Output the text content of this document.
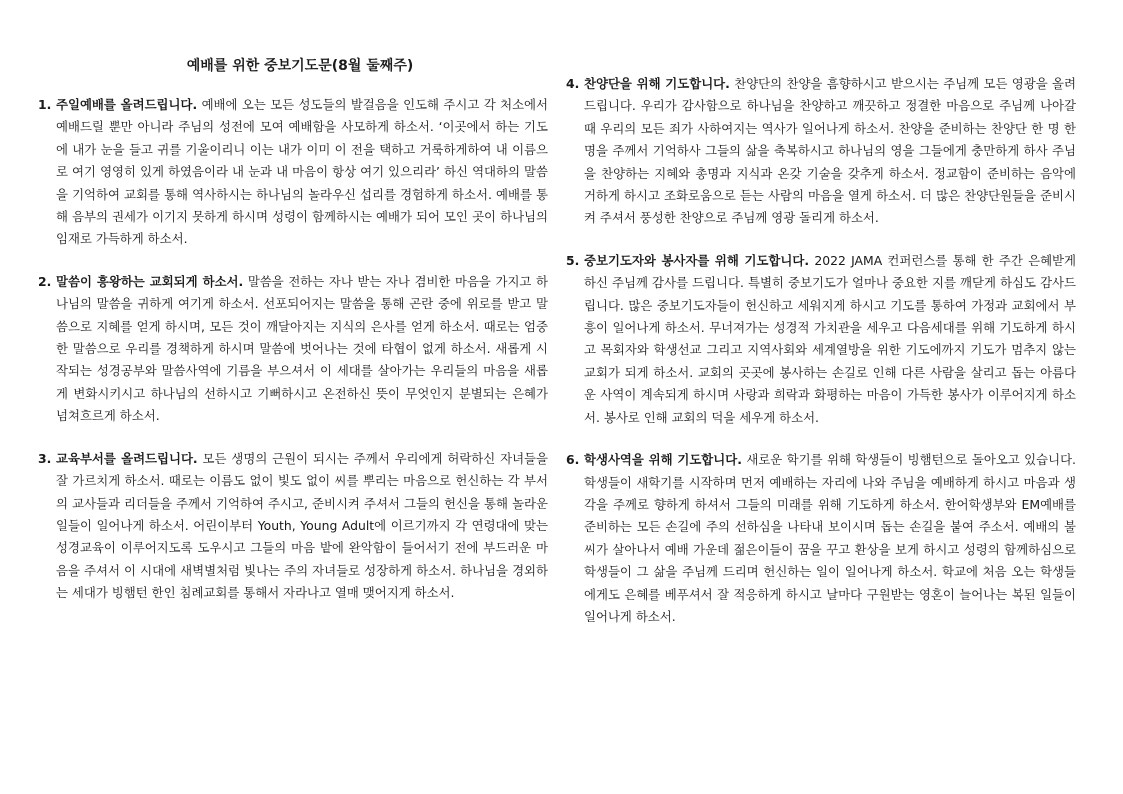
예배를 위한 중보기도문(8월 둘째주)
1. 주일예배를 올려드립니다. 예배에 오는 모든 성도들의 발걸음을 인도해 주시고 각 처소에서 예배드릴 뿐만 아니라 주님의 성전에 모여 예배함을 사모하게 하소서. ‘이곳에서 하는 기도에 내가 눈을 들고 귀를 기울이리니 이는 내가 이미 이 전을 택하고 거룩하게하여 내 이름으로 여기 영영히 있게 하였음이라 내 눈과 내 마음이 항상 여기 있으리라’ 하신 역대하의 말씀을 기억하여 교회를 통해 역사하시는 하나님의 놀라우신 섭리를 경험하게 하소서. 예배를 통해 음부의 권세가 이기지 못하게 하시며 성령이 함께하시는 예배가 되어 모인 곳이 하나님의 임재로 가득하게 하소서.
2. 말씀이 흥왕하는 교회되게 하소서. 말씀을 전하는 자나 받는 자나 겸비한 마음을 가지고 하나님의 말씀을 귀하게 여기게 하소서. 선포되어지는 말씀을 통해 곤란 중에 위로를 받고 말씀으로 지혜를 얻게 하시며, 모든 것이 깨달아지는 지식의 은사를 얻게 하소서. 때로는 엄중한 말씀으로 우리를 경책하게 하시며 말씀에 벗어나는 것에 타협이 없게 하소서. 새롭게 시작되는 성경공부와 말씀사역에 기름을 부으셔서 이 세대를 살아가는 우리들의 마음을 새롭게 변화시키시고 하나님의 선하시고 기뻐하시고 온전하신 뜻이 무엇인지 분별되는 은혜가 넘쳐흐르게 하소서.
3. 교육부서를 올려드립니다. 모든 생명의 근원이 되시는 주께서 우리에게 허락하신 자녀들을 잘 가르치게 하소서. 때로는 이름도 없이 빛도 없이 씨를 뿌리는 마음으로 헌신하는 각 부서의 교사들과 리더들을 주께서 기억하여 주시고, 준비시켜 주셔서 그들의 헌신을 통해 놀라운 일들이 일어나게 하소서. 어린이부터 Youth, Young Adult에 이르기까지 각 연령대에 맞는 성경교육이 이루어지도록 도우시고 그들의 마음 밭에 완악함이 들어서기 전에 부드러운 마음을 주셔서 이 시대에 새벽별처럼 빛나는 주의 자녀들로 성장하게 하소서. 하나님을 경외하는 세대가 빙햄턴 한인 침례교회를 통해서 자라나고 열매 맺어지게 하소서.
4. 찬양단을 위해 기도합니다. 찬양단의 찬양을 흠향하시고 받으시는 주님께 모든 영광을 올려 드립니다. 우리가 감사함으로 하나님을 찬양하고 깨끗하고 정결한 마음으로 주님께 나아갈 때 우리의 모든 죄가 사하여지는 역사가 일어나게 하소서. 찬양을 준비하는 찬양단 한 명 한 명을 주께서 기억하사 그들의 삶을 축복하시고 하나님의 영을 그들에게 충만하게 하사 주님을 찬양하는 지혜와 총명과 지식과 온갖 기술을 갖추게 하소서. 정교함이 준비하는 음악에 거하게 하시고 조화로움으로 듣는 사람의 마음을 열게 하소서. 더 많은 찬양단원들을 준비시켜 주셔서 풍성한 찬양으로 주님께 영광 돌리게 하소서.
5. 중보기도자와 봉사자를 위해 기도합니다. 2022 JAMA 컨퍼런스를 통해 한 주간 은혜받게 하신 주님께 감사를 드립니다. 특별히 중보기도가 얼마나 중요한 지를 깨닫게 하심도 감사드립니다. 많은 중보기도자들이 헌신하고 세워지게 하시고 기도를 통하여 가정과 교회에서 부흥이 일어나게 하소서. 무너져가는 성경적 가치관을 세우고 다음세대를 위해 기도하게 하시고 목회자와 학생선교 그리고 지역사회와 세계열방을 위한 기도에까지 기도가 멈추지 않는 교회가 되게 하소서. 교회의 곳곳에 봉사하는 손길로 인해 다른 사람을 살리고 돕는 아름다운 사역이 계속되게 하시며 사랑과 희락과 화평하는 마음이 가득한 봉사가 이루어지게 하소서. 봉사로 인해 교회의 덕을 세우게 하소서.
6. 학생사역을 위해 기도합니다. 새로운 학기를 위해 학생들이 빙햄턴으로 돌아오고 있습니다. 학생들이 새학기를 시작하며 먼저 예배하는 자리에 나와 주님을 예배하게 하시고 마음과 생각을 주께로 향하게 하셔서 그들의 미래를 위해 기도하게 하소서. 한어학생부와 EM예배를 준비하는 모든 손길에 주의 선하심을 나타내 보이시며 돕는 손길을 붙여 주소서. 예배의 불씨가 살아나서 예배 가운데 젊은이들이 꿈을 꾸고 환상을 보게 하시고 성령의 함께하심으로 학생들이 그 삶을 주님께 드리며 헌신하는 일이 일어나게 하소서. 학교에 처음 오는 학생들에게도 은혜를 베푸셔서 잘 적응하게 하시고 날마다 구원받는 영혼이 늘어나는 복된 일들이 일어나게 하소서.
